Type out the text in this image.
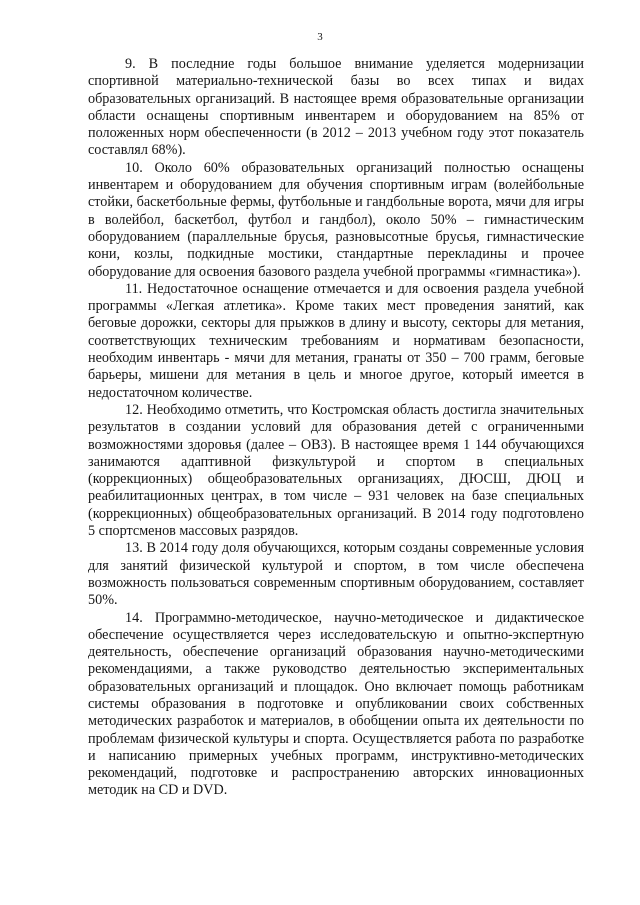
3

9. В последние годы большое внимание уделяется модернизации спортивной материально-технической базы во всех типах и видах образовательных организаций. В настоящее время образовательные организации области оснащены спортивным инвентарем и оборудованием на 85% от положенных норм обеспеченности (в 2012 – 2013 учебном году этот показатель составлял 68%).

10. Около 60% образовательных организаций полностью оснащены инвентарем и оборудованием для обучения спортивным играм (волейбольные стойки, баскетбольные фермы, футбольные и гандбольные ворота, мячи для игры в волейбол, баскетбол, футбол и гандбол), около 50% – гимнастическим оборудованием (параллельные брусья, разновысотные брусья, гимнастические кони, козлы, подкидные мостики, стандартные перекладины и прочее оборудование для освоения базового раздела учебной программы «гимнастика»).

11. Недостаточное оснащение отмечается и для освоения раздела учебной программы «Легкая атлетика». Кроме таких мест проведения занятий, как беговые дорожки, секторы для прыжков в длину и высоту, секторы для метания, соответствующих техническим требованиям и нормативам безопасности, необходим инвентарь - мячи для метания, гранаты от 350 – 700 грамм, беговые барьеры, мишени для метания в цель и многое другое, который имеется в недостаточном количестве.

12. Необходимо отметить, что Костромская область достигла значительных результатов в создании условий для образования детей с ограниченными возможностями здоровья (далее – ОВЗ). В настоящее время 1 144 обучающихся занимаются адаптивной физкультурой и спортом в специальных (коррекционных) общеобразовательных организациях, ДЮСШ, ДЮЦ и реабилитационных центрах, в том числе – 931 человек на базе специальных (коррекционных) общеобразовательных организаций. В 2014 году подготовлено 5 спортсменов массовых разрядов.

13. В 2014 году доля обучающихся, которым созданы современные условия для занятий физической культурой и спортом, в том числе обеспечена возможность пользоваться современным спортивным оборудованием, составляет 50%.

14. Программно-методическое, научно-методическое и дидактическое обеспечение осуществляется через исследовательскую и опытно-экспертную деятельность, обеспечение организаций образования научно-методическими рекомендациями, а также руководство деятельностью экспериментальных образовательных организаций и площадок. Оно включает помощь работникам системы образования в подготовке и опубликовании своих собственных методических разработок и материалов, в обобщении опыта их деятельности по проблемам физической культуры и спорта. Осуществляется работа по разработке и написанию примерных учебных программ, инструктивно-методических рекомендаций, подготовке и распространению авторских инновационных методик на CD и DVD.
